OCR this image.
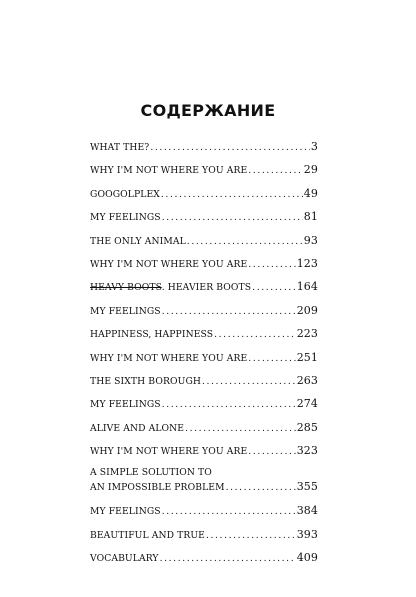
СОДЕРЖАНИЕ
WHAT THE? .....	3
WHY I'M NOT WHERE YOU ARE .....	29
GOOGOLPLEX .....	49
MY FEELINGS .....	81
THE ONLY ANIMAL .....	93
WHY I'M NOT WHERE YOU ARE .....	123
HEAVY BOOTS. HEAVIER BOOTS .....	164
MY FEELINGS .....	209
HAPPINESS, HAPPINESS .....	223
WHY I'M NOT WHERE YOU ARE .....	251
THE SIXTH BOROUGH .....	263
MY FEELINGS .....	274
ALIVE AND ALONE .....	285
WHY I'M NOT WHERE YOU ARE .....	323
A SIMPLE SOLUTION TO
AN IMPOSSIBLE PROBLEM .....	355
MY FEELINGS .....	384
BEAUTIFUL AND TRUE .....	393
VOCABULARY .....	409
